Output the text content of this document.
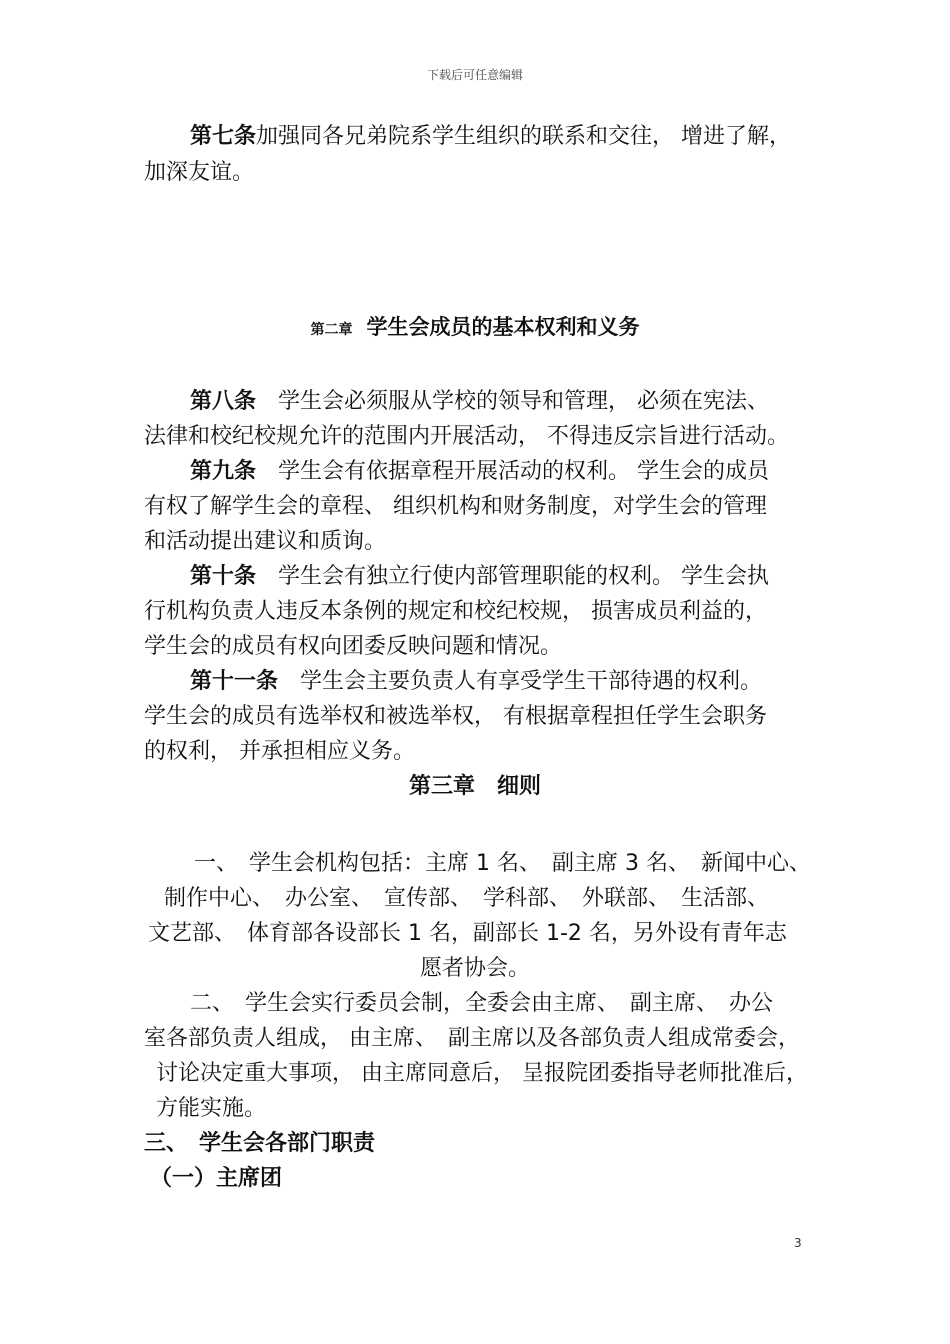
下载后可任意编辑
第七条加强同各兄弟院系学生组织的联系和交往， 增进了解，
加深友谊。
第二章 学生会成员的基本权利和义务
第八条 学生会必须服从学校的领导和管理， 必须在宪法、
法律和校纪校规允许的范围内开展活动， 不得违反宗旨进行活动。
第九条 学生会有依据章程开展活动的权利。 学生会的成员
有权了解学生会的章程、 组织机构和财务制度，对学生会的管理
和活动提出建议和质询。
第十条 学生会有独立行使内部管理职能的权利。 学生会执
行机构负责人违反本条例的规定和校纪校规， 损害成员利益的，
学生会的成员有权向团委反映问题和情况。
第十一条 学生会主要负责人有享受学生干部待遇的权利。
学生会的成员有选举权和被选举权， 有根据章程担任学生会职务
的权利， 并承担相应义务。
第三章　细则
一、　学生会机构包括：主席 1 名、　副主席 3 名、　新闻中心、
制作中心、　办公室、　宣传部、　学科部、　外联部、　生活部、
文艺部、　体育部各设部长 1 名，副部长 1-2 名，另外设有青年志
愿者协会。
二、　学生会实行委员会制，全委会由主席、　副主席、　办公
室各部负责人组成， 由主席、　副主席以及各部负责人组成常委会，
讨论决定重大事项， 由主席同意后， 呈报院团委指导老师批准后，
方能实施。
三、　学生会各部门职责
（一）主席团
3
